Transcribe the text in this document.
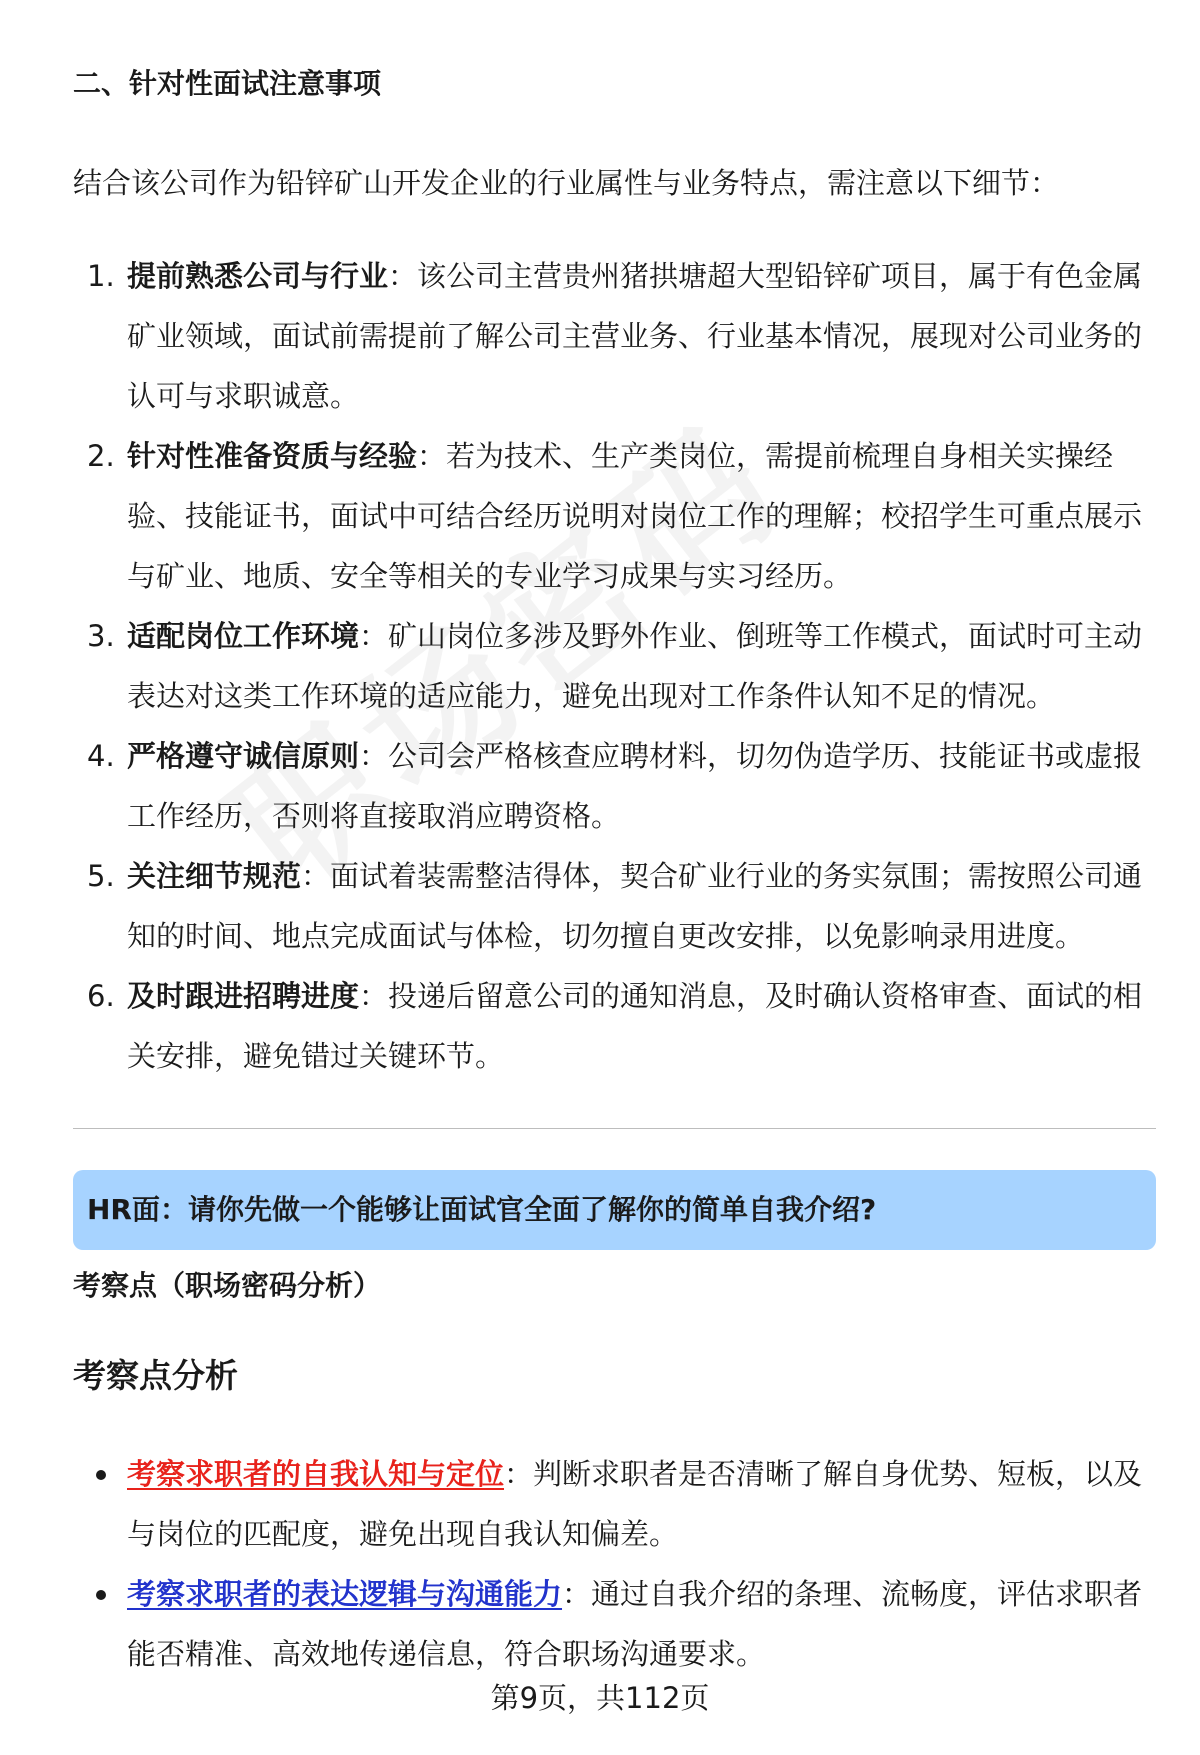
二、针对性面试注意事项

结合该公司作为铅锌矿山开发企业的行业属性与业务特点，需注意以下细节：

1. 提前熟悉公司与行业：该公司主营贵州猪拱塘超大型铅锌矿项目，属于有色金属矿业领域，面试前需提前了解公司主营业务、行业基本情况，展现对公司业务的认可与求职诚意。
2. 针对性准备资质与经验：若为技术、生产类岗位，需提前梳理自身相关实操经验、技能证书，面试中可结合经历说明对岗位工作的理解；校招学生可重点展示与矿业、地质、安全等相关的专业学习成果与实习经历。
3. 适配岗位工作环境：矿山岗位多涉及野外作业、倒班等工作模式，面试时可主动表达对这类工作环境的适应能力，避免出现对工作条件认知不足的情况。
4. 严格遵守诚信原则：公司会严格核查应聘材料，切勿伪造学历、技能证书或虚报工作经历，否则将直接取消应聘资格。
5. 关注细节规范：面试着装需整洁得体，契合矿业行业的务实氛围；需按照公司通知的时间、地点完成面试与体检，切勿擅自更改安排，以免影响录用进度。
6. 及时跟进招聘进度：投递后留意公司的通知消息，及时确认资格审查、面试的相关安排，避免错过关键环节。
HR面：请你先做一个能够让面试官全面了解你的简单自我介绍?

考察点（职场密码分析）

考察点分析
考察求职者的自我认知与定位：判断求职者是否清晰了解自身优势、短板，以及与岗位的匹配度，避免出现自我认知偏差。
考察求职者的表达逻辑与沟通能力：通过自我介绍的条理、流畅度，评估求职者能否精准、高效地传递信息，符合职场沟通要求。

第9页，共112页
